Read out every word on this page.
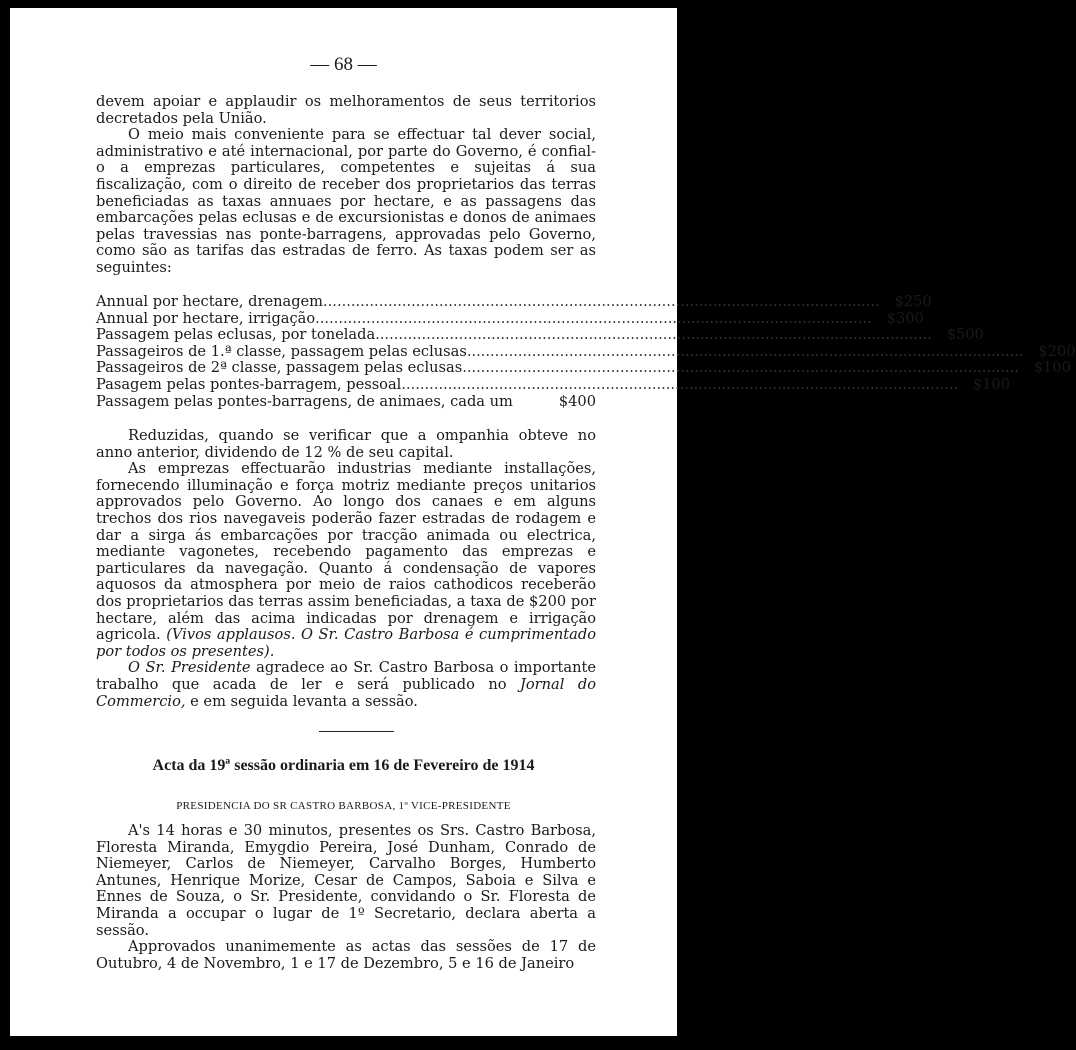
— 68 —

devem apoiar e applaudir os melhoramentos de seus territorios decretados pela União.

O meio mais conveniente para se effectuar tal dever social, administrativo e até internacional, por parte do Governo, é confial-o a emprezas particulares, competentes e sujeitas á sua fiscalização, com o direito de receber dos proprietarios das terras beneficiadas as taxas annuaes por hectare, e as passagens das embarcações pelas eclusas e de excursionistas e donos de animaes pelas travessias nas ponte-barragens, approvadas pelo Governo, como são as tarifas das estradas de ferro. As taxas podem ser as seguintes:

Annual por hectare, drenagem .....	$250
Annual por hectare, irrigação .....	$300
Passagem pelas eclusas, por tonelada .....	$500
Passageiros de 1.ª classe, passagem pelas eclusas .....	$200
Passageiros de 2ª classe, passagem pelas eclusas .....	$100
Pasagem pelas pontes-barragem, pessoal .....	$100
Passagem pelas pontes-barragens, de animaes, cada um	$400

Reduzidas, quando se verificar que a ompanhia obteve no anno anterior, dividendo de 12 % de seu capital.

As emprezas effectuarão industrias mediante installações, fornecendo illuminação e força motriz mediante preços unitarios approvados pelo Governo. Ao longo dos canaes e em alguns trechos dos rios navegaveis poderão fazer estradas de rodagem e dar a sirga ás embarcações por tracção animada ou electrica, mediante vagonetes, recebendo pagamento das emprezas e particulares da navegação. Quanto á condensação de vapores aquosos da atmosphera por meio de raios cathodicos receberão dos proprietarios das terras assim beneficiadas, a taxa de $200 por hectare, além das acima indicadas por drenagem e irrigação agricola. (Vivos applausos. O Sr. Castro Barbosa é cumprimentado por todos os presentes).

O Sr. Presidente agradece ao Sr. Castro Barbosa o importante trabalho que acada de ler e será publicado no Jornal do Commercio, e em seguida levanta a sessão.

Acta da 19ª sessão ordinaria em 16 de Fevereiro de 1914
PRESIDENCIA DO SR CASTRO BARBOSA, 1º VICE-PRESIDENTE

A's 14 horas e 30 minutos, presentes os Srs. Castro Barbosa, Floresta Miranda, Emygdio Pereira, José Dunham, Conrado de Niemeyer, Carlos de Niemeyer, Carvalho Borges, Humberto Antunes, Henrique Morize, Cesar de Campos, Saboia e Silva e Ennes de Souza, o Sr. Presidente, convidando o Sr. Floresta de Miranda a occupar o lugar de 1º Secretario, declara aberta a sessão.

Approvados unanimemente as actas das sessões de 17 de Outubro, 4 de Novembro, 1 e 17 de Dezembro, 5 e 16 de Janeiro
